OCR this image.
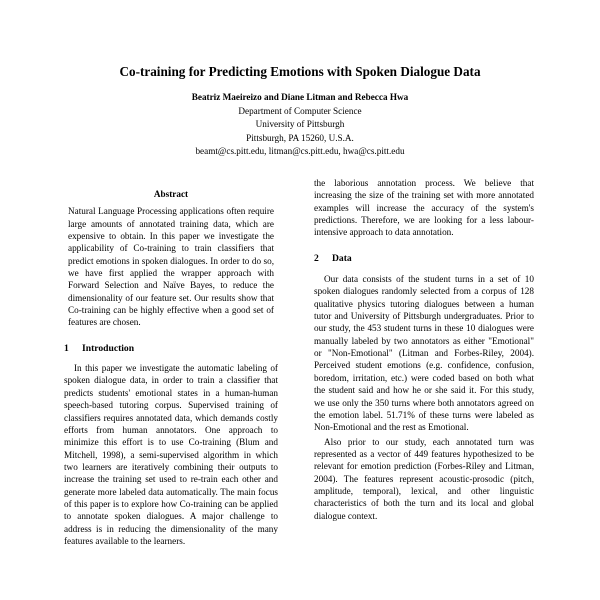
Co-training for Predicting Emotions with Spoken Dialogue Data
Beatriz Maeireizo and Diane Litman and Rebecca Hwa
Department of Computer Science
University of Pittsburgh
Pittsburgh, PA 15260, U.S.A.
beamt@cs.pitt.edu, litman@cs.pitt.edu, hwa@cs.pitt.edu
Abstract

Natural Language Processing applications often require large amounts of annotated training data, which are expensive to obtain. In this paper we investigate the applicability of Co-training to train classifiers that predict emotions in spoken dialogues. In order to do so, we have first applied the wrapper approach with Forward Selection and Naïve Bayes, to reduce the dimensionality of our feature set. Our results show that Co-training can be highly effective when a good set of features are chosen.

1 Introduction

In this paper we investigate the automatic labeling of spoken dialogue data, in order to train a classifier that predicts students' emotional states in a human-human speech-based tutoring corpus. Supervised training of classifiers requires annotated data, which demands costly efforts from human annotators. One approach to minimize this effort is to use Co-training (Blum and Mitchell, 1998), a semi-supervised algorithm in which two learners are iteratively combining their outputs to increase the training set used to re-train each other and generate more labeled data automatically. The main focus of this paper is to explore how Co-training can be applied to annotate spoken dialogues. A major challenge to address is in reducing the dimensionality of the many features available to the learners.

the laborious annotation process. We believe that increasing the size of the training set with more annotated examples will increase the accuracy of the system's predictions. Therefore, we are looking for a less labour-intensive approach to data annotation.

2 Data

Our data consists of the student turns in a set of 10 spoken dialogues randomly selected from a corpus of 128 qualitative physics tutoring dialogues between a human tutor and University of Pittsburgh undergraduates. Prior to our study, the 453 student turns in these 10 dialogues were manually labeled by two annotators as either "Emotional" or "Non-Emotional" (Litman and Forbes-Riley, 2004). Perceived student emotions (e.g. confidence, confusion, boredom, irritation, etc.) were coded based on both what the student said and how he or she said it. For this study, we use only the 350 turns where both annotators agreed on the emotion label. 51.71% of these turns were labeled as Non-Emotional and the rest as Emotional.

Also prior to our study, each annotated turn was represented as a vector of 449 features hypothesized to be relevant for emotion prediction (Forbes-Riley and Litman, 2004). The features represent acoustic-prosodic (pitch, amplitude, temporal), lexical, and other linguistic characteristics of both the turn and its local and global dialogue context.
